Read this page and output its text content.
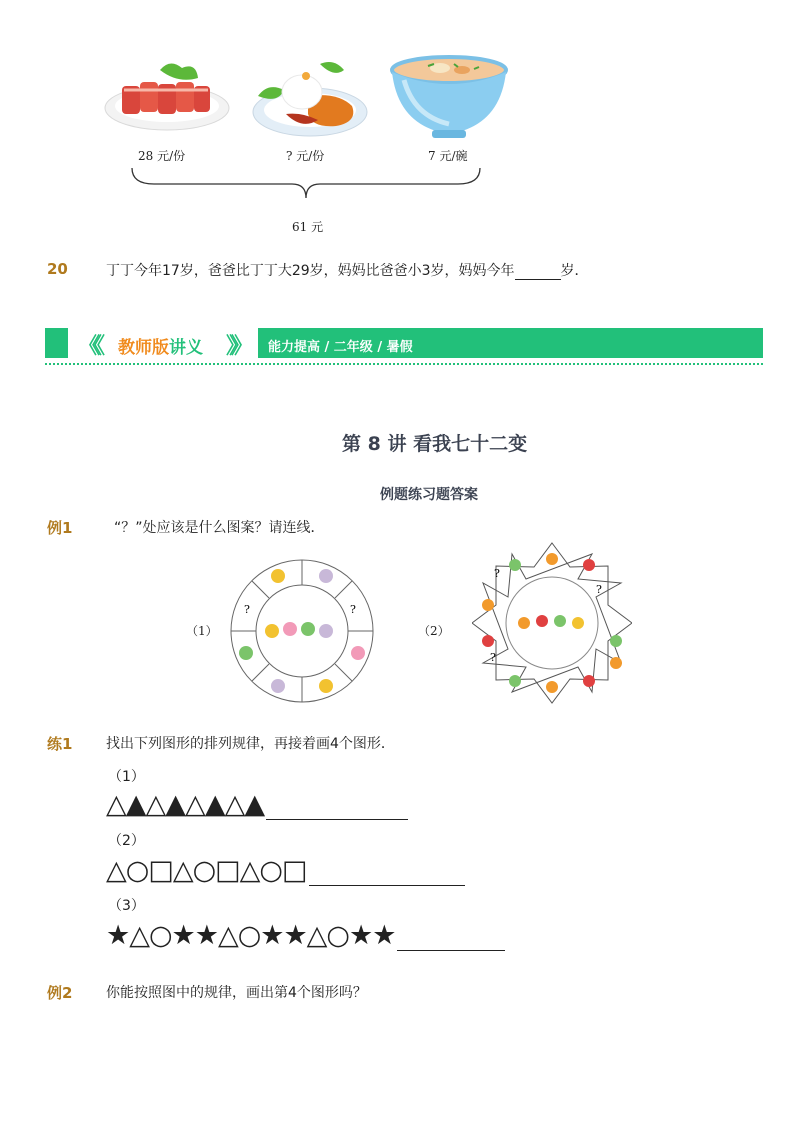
28 元/份	? 元/份	7 元/碗
61 元
20	丁丁今年17岁，爸爸比丁丁大29岁，妈妈比爸爸小3岁，妈妈今年	岁．
《《	》》
教师版讲义	能力提高 / 二年级 / 暑假
第 8 讲 看我七十二变
例题练习题答案
例1	“？”处应该是什么图案？请连线．
（1）	（2）
?	?
?
?
?
练1 找出下列图形的排列规律，再接着画4个图形．
（1）
△▲△▲△▲△▲
（2）
△○□△○□△○□
（3）
★△○★★△○★★△○★★
例2 你能按照图中的规律，画出第4个图形吗？
